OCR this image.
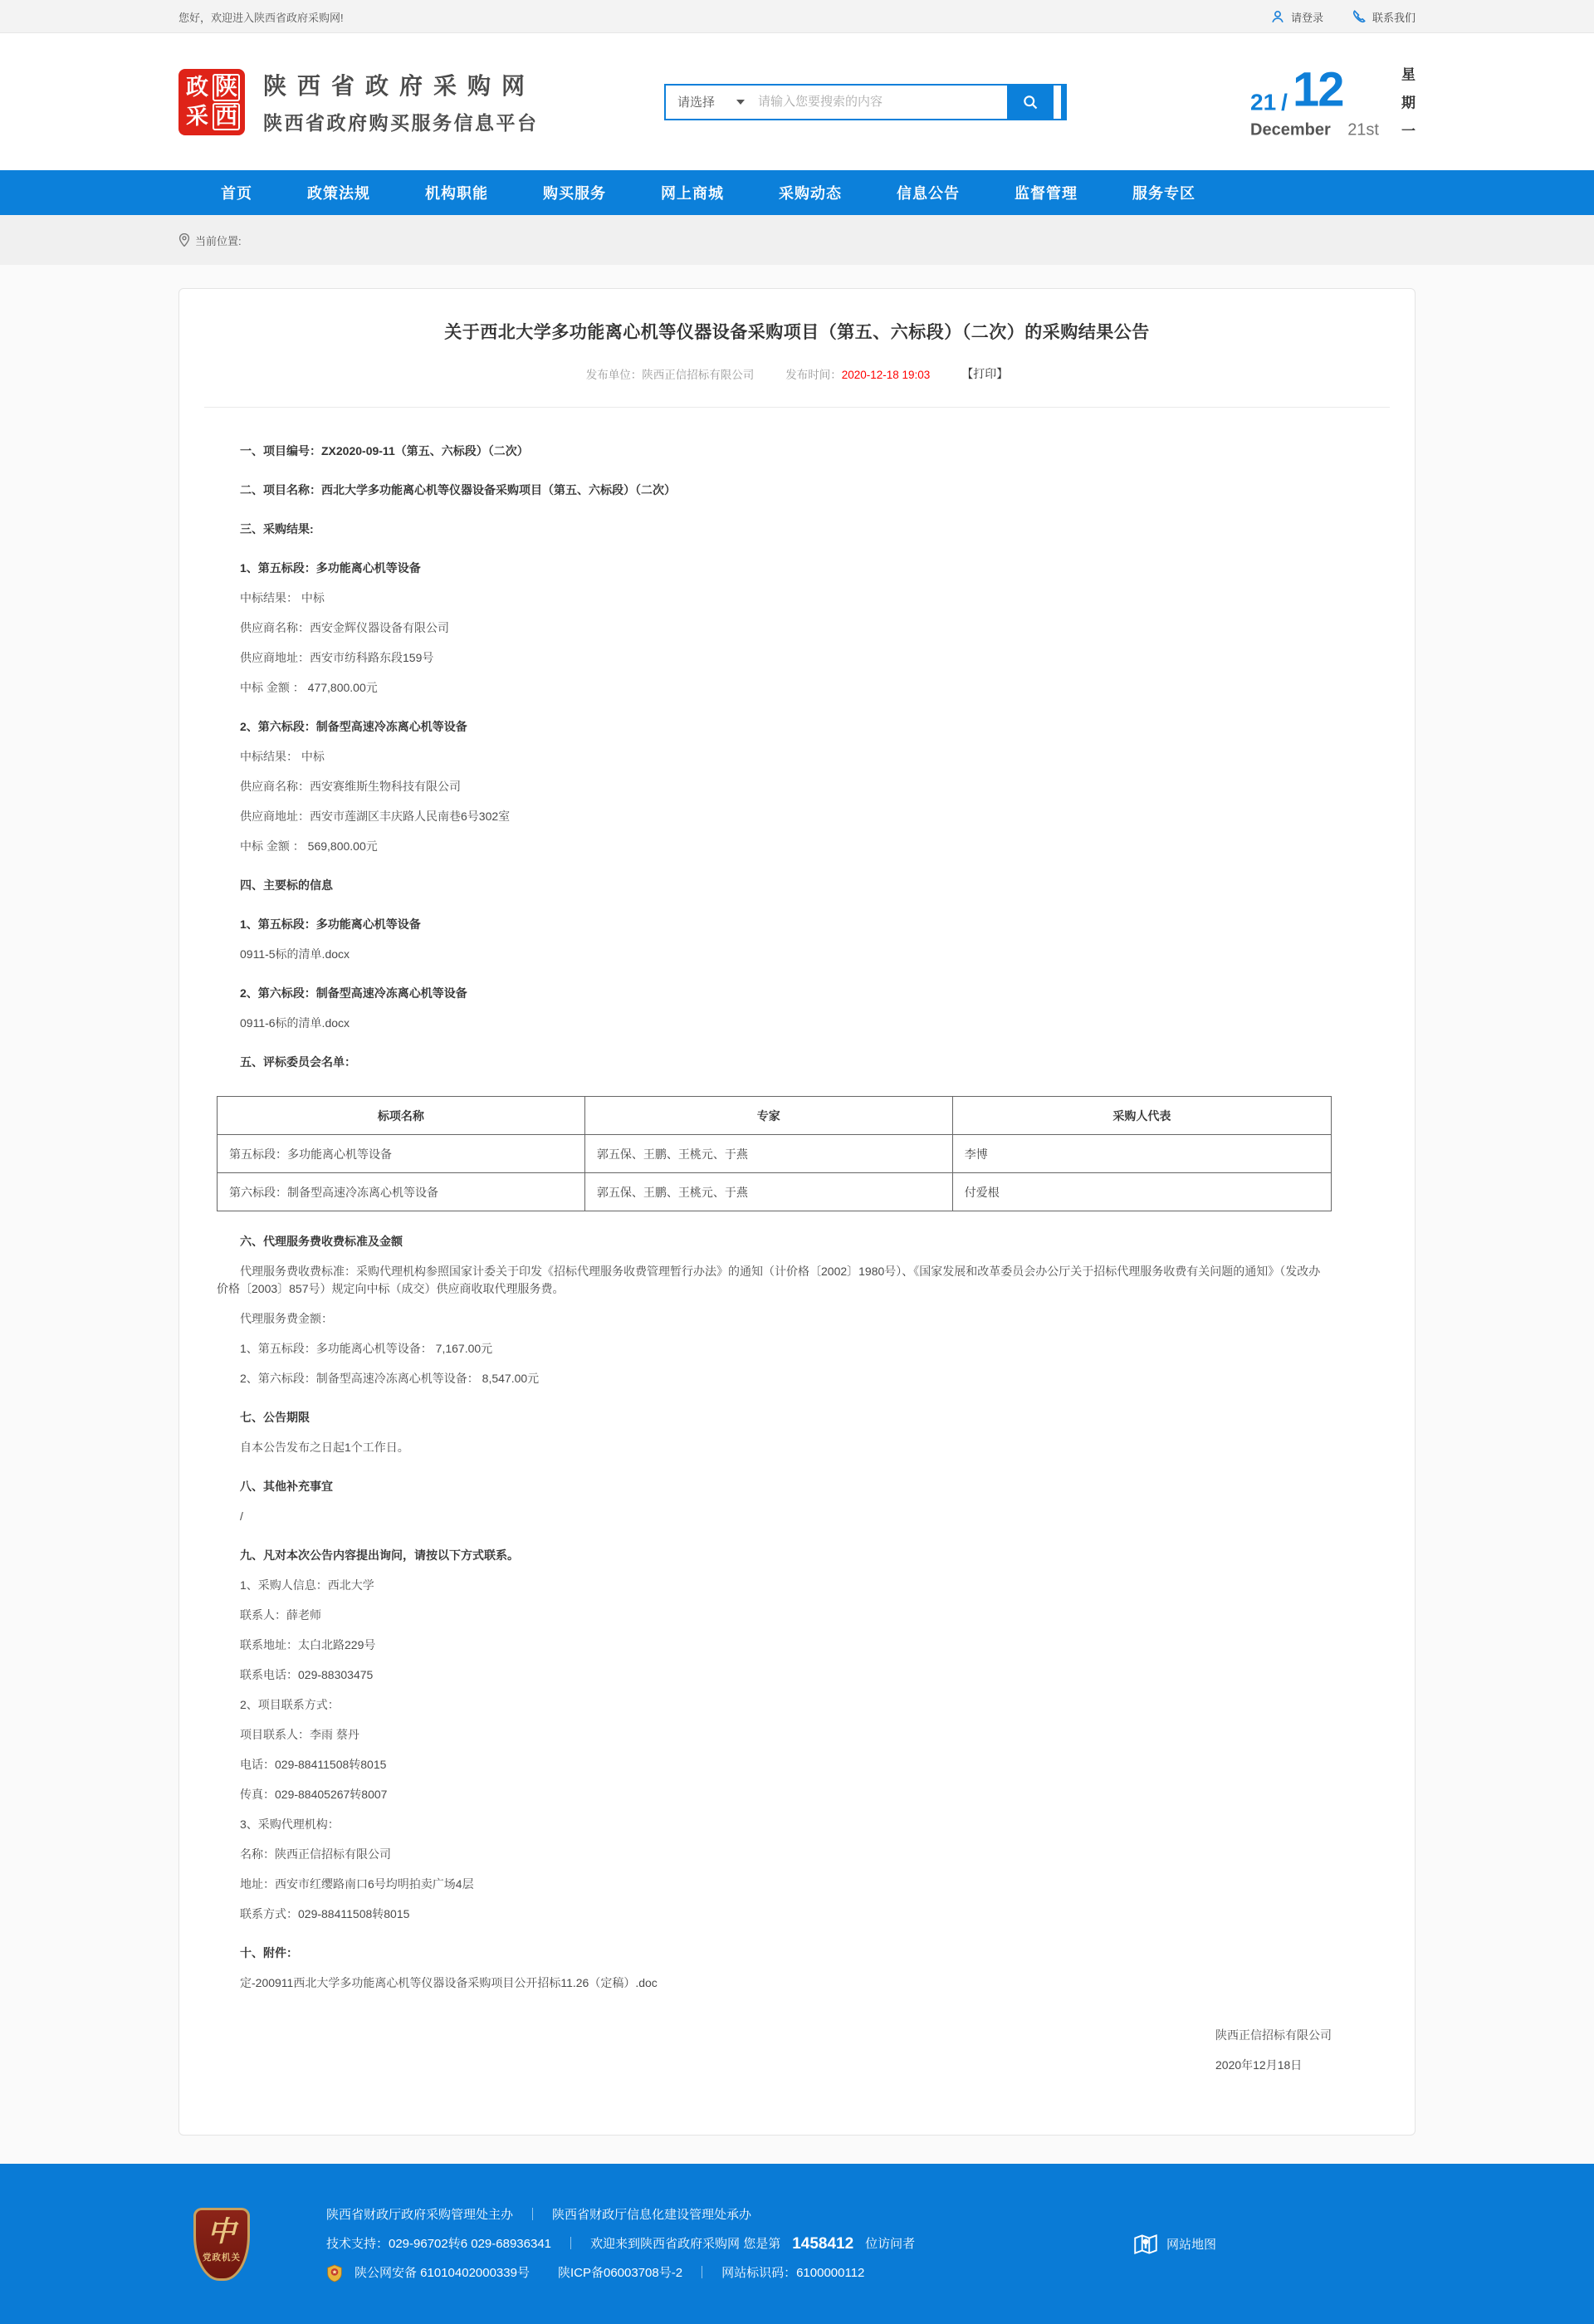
您好，欢迎进入陕西省政府采购网!	请登录	联系我们
政 陕
采 西
陕西省政府采购网
陕西省政府购买服务信息平台
请选择
请输入您要搜索的内容	21 / 12
December 21st
星
期
一
首页	政策法规	机构职能	购买服务	网上商城	采购动态	信息公告	监督管理	服务专区
当前位置:
关于西北大学多功能离心机等仪器设备采购项目（第五、六标段）（二次）的采购结果公告
发布单位：陕西正信招标有限公司	发布时间：2020-12-18 19:03	【打印】

一、项目编号：ZX2020-09-11（第五、六标段）（二次）

二、项目名称：西北大学多功能离心机等仪器设备采购项目（第五、六标段）（二次）

三、采购结果:

1、第五标段：多功能离心机等设备

中标结果： 中标

供应商名称：西安金辉仪器设备有限公司

供应商地址：西安市纺科路东段159号

中标 金额 ： 477,800.00元

2、第六标段：制备型高速冷冻离心机等设备

中标结果： 中标

供应商名称：西安赛维斯生物科技有限公司

供应商地址：西安市莲湖区丰庆路人民南巷6号302室

中标 金额 ： 569,800.00元

四、主要标的信息

1、第五标段：多功能离心机等设备

0911-5标的清单.docx

2、第六标段：制备型高速冷冻离心机等设备

0911-6标的清单.docx

五、评标委员会名单：

标项名称	专家	采购人代表
第五标段：多功能离心机等设备	郭五保、王鹏、王桃元、于燕	李博
第六标段：制备型高速冷冻离心机等设备	郭五保、王鹏、王桃元、于燕	付爱根

六、代理服务费收费标准及金额

代理服务费收费标准：采购代理机构参照国家计委关于印发《招标代理服务收费管理暂行办法》的通知（计价格〔2002〕1980号）、《国家发展和改革委员会办公厅关于招标代理服务收费有关问题的通知》（发改办价格〔2003〕857号）规定向中标（成交）供应商收取代理服务费。

代理服务费金额：

1、第五标段：多功能离心机等设备： 7,167.00元

2、第六标段：制备型高速冷冻离心机等设备： 8,547.00元

七、公告期限

自本公告发布之日起1个工作日。

八、其他补充事宜

/

九、凡对本次公告内容提出询问，请按以下方式联系。

1、采购人信息：西北大学

联系人：薛老师

联系地址：太白北路229号

联系电话：029-88303475

2、项目联系方式：

项目联系人：李雨 蔡丹

电话：029-88411508转8015

传真：029-88405267转8007

3、采购代理机构：

名称：陕西正信招标有限公司

地址：西安市红缨路南口6号均明拍卖广场4层

联系方式：029-88411508转8015

十、附件：

定-200911西北大学多功能离心机等仪器设备采购项目公开招标11.26（定稿）.doc

陕西正信招标有限公司
2020年12月18日
中
党政机关
陕西省财政厅政府采购管理处主办	｜	陕西省财政厅信息化建设管理处承办
技术支持：029-96702转6 029-68936341	｜	欢迎来到陕西省政府采购网 您是第 1458412 位访问者
陕公网安备 61010402000339号 陕ICP备06003708号-2	｜	网站标识码：6100000112
网站地图
